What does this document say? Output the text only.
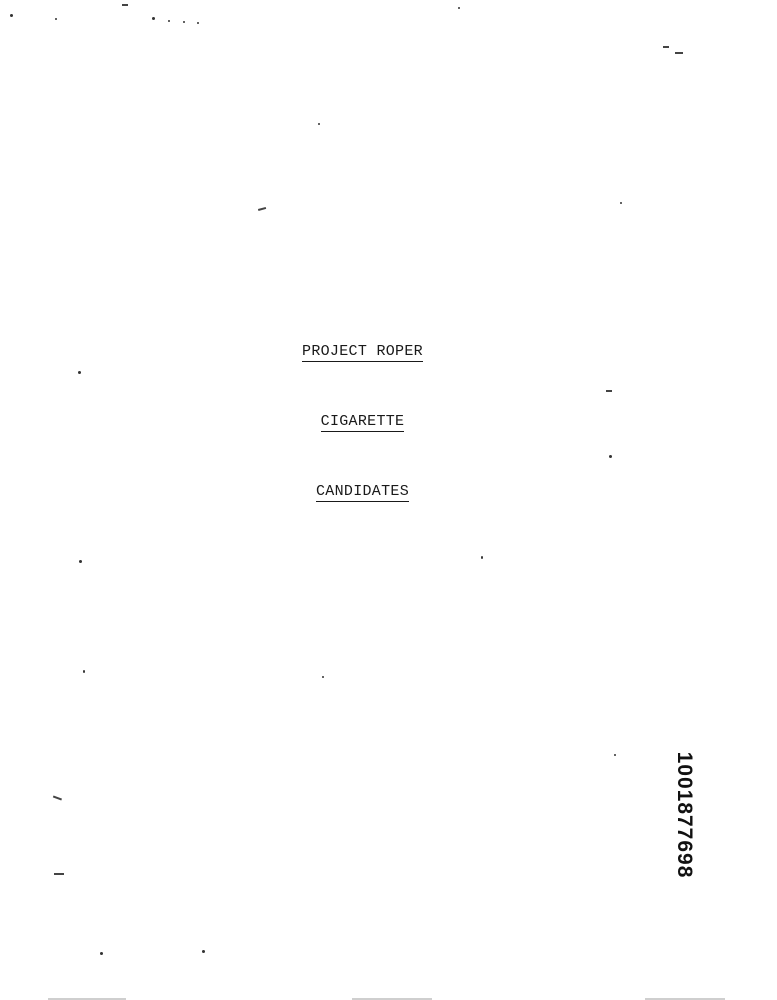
PROJECT ROPER
CIGARETTE
CANDIDATES
1001877698
